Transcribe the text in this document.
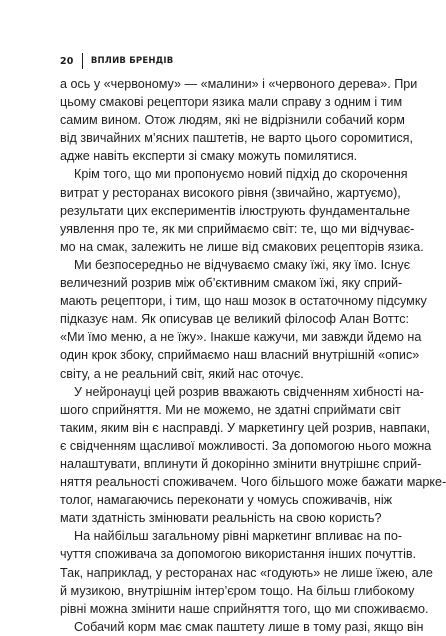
20	ВПЛИВ БРЕНДІВ
а ось у «червоному» — «малини» і «червоного дерева». При
цьому смакові рецептори язика мали справу з одним і тим
самим вином. Отож людям, які не відрізнили собачий корм
від звичайних м’ясних паштетів, не варто цього соромитися,
адже навіть експерти зі смаку можуть помилятися.
Крім того, що ми пропонуємо новий підхід до скорочення
витрат у ресторанах високого рівня (звичайно, жартуємо),
результати цих експериментів ілюструють фундаментальне
уявлення про те, як ми сприймаємо світ: те, що ми відчуває-
мо на смак, залежить не лише від смакових рецепторів язика.
Ми безпосередньо не відчуваємо смаку їжі, яку їмо. Існує
величезний розрив між об’єктивним смаком їжі, яку сприй-
мають рецептори, і тим, що наш мозок в остаточному підсумку
підказує нам. Як описував це великий філософ Алан Воттс:
«Ми їмо меню, а не їжу». Інакше кажучи, ми завжди йдемо на
один крок збоку, сприймаємо наш власний внутрішній «опис»
світу, а не реальний світ, який нас оточує.
У нейронауці цей розрив вважають свідченням хибності на-
шого сприйняття. Ми не можемо, не здатні сприймати світ
таким, яким він є насправді. У маркетингу цей розрив, навпаки,
є свідченням щасливої можливості. За допомогою нього можна
налаштувати, вплинути й докорінно змінити внутрішнє сприй-
няття реальності споживачем. Чого більшого може бажати марке-
толог, намагаючись переконати у чомусь споживачів, ніж
мати здатність змінювати реальність на свою користь?
На найбільш загальному рівні маркетинг впливає на по-
чуття споживача за допомогою використання інших почуттів.
Так, наприклад, у ресторанах нас «годують» не лише їжею, але
й музикою, внутрішнім інтер’єром тощо. На більш глибокому
рівні можна змінити наше сприйняття того, що ми споживаємо.
Собачий корм має смак паштету лише в тому разі, якщо він
